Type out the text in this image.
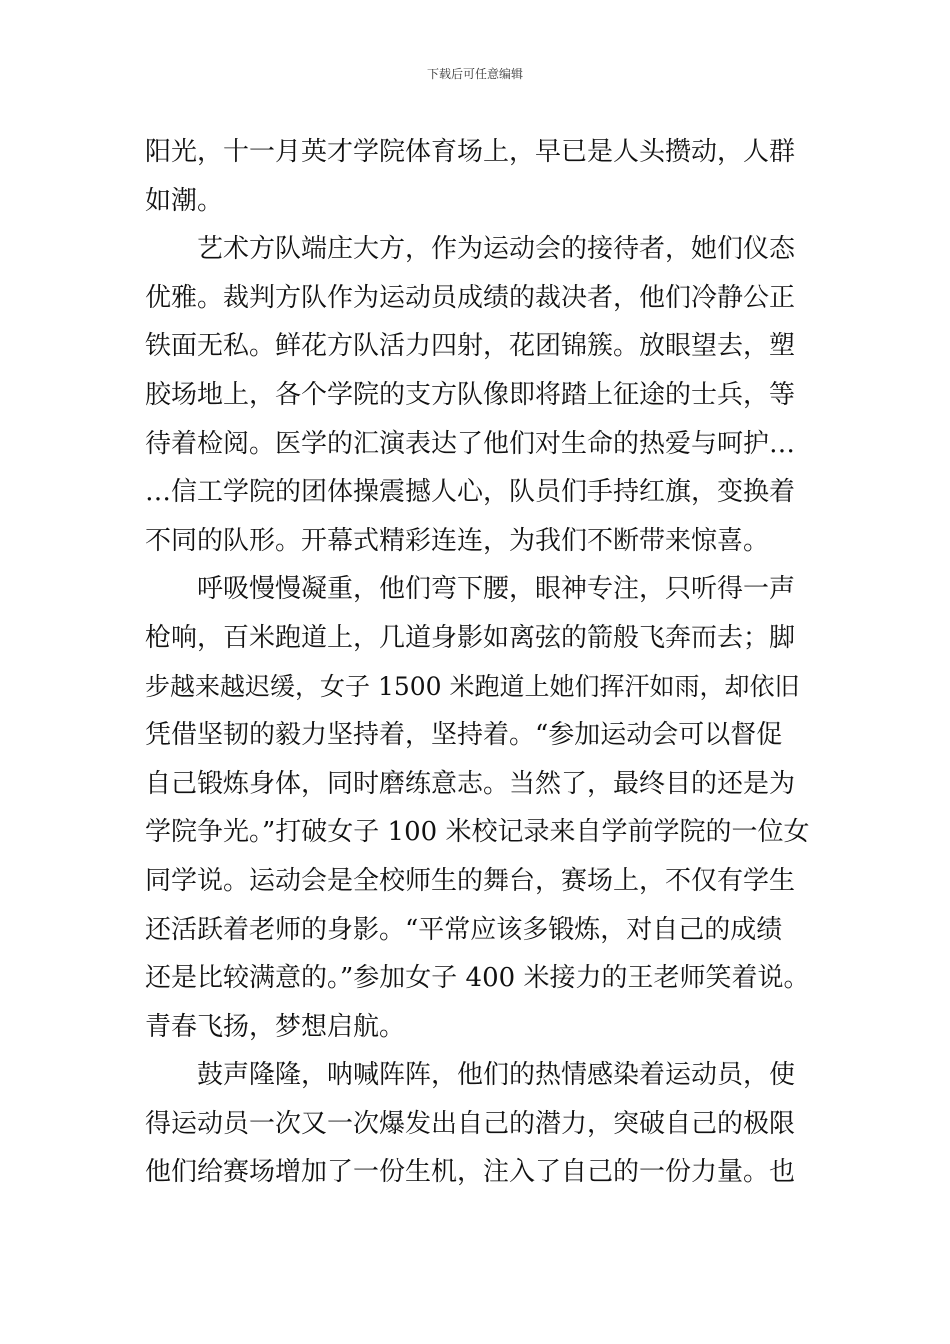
下载后可任意编辑
阳光，十一月英才学院体育场上，早已是人头攒动，人群
如潮。
艺术方队端庄大方，作为运动会的接待者，她们仪态
优雅。裁判方队作为运动员成绩的裁决者，他们冷静公正
铁面无私。鲜花方队活力四射，花团锦簇。放眼望去，塑
胶场地上，各个学院的支方队像即将踏上征途的士兵，等
待着检阅。医学的汇演表达了他们对生命的热爱与呵护…
…信工学院的团体操震撼人心，队员们手持红旗，变换着
不同的队形。开幕式精彩连连，为我们不断带来惊喜。
呼吸慢慢凝重，他们弯下腰，眼神专注，只听得一声
枪响，百米跑道上，几道身影如离弦的箭般飞奔而去；脚
步越来越迟缓，女子 1500 米跑道上她们挥汗如雨，却依旧
凭借坚韧的毅力坚持着，坚持着。“参加运动会可以督促
自己锻炼身体，同时磨练意志。当然了，最终目的还是为
学院争光。”打破女子 100 米校记录来自学前学院的一位女
同学说。运动会是全校师生的舞台，赛场上，不仅有学生
还活跃着老师的身影。“平常应该多锻炼，对自己的成绩
还是比较满意的。”参加女子 400 米接力的王老师笑着说。
青春飞扬，梦想启航。
鼓声隆隆，呐喊阵阵，他们的热情感染着运动员，使
得运动员一次又一次爆发出自己的潜力，突破自己的极限
他们给赛场增加了一份生机，注入了自己的一份力量。也
